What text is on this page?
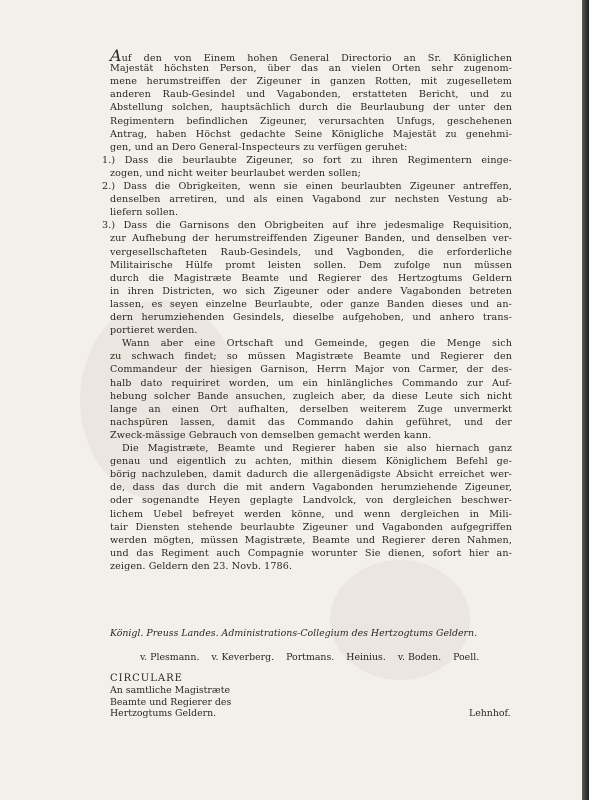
Auf den von Einem hohen General Directorio an Sr. Königlichen
Majestät höchsten Person, über das an vielen Orten sehr zugenom-
mene herumstreiffen der Zigeuner in ganzen Rotten, mit zugeselletem
anderen Raub-Gesindel und Vagabonden, erstatteten Bericht, und zu
Abstellung solchen, hauptsächlich durch die Beurlaubung der unter den
Regimentern befindlichen Zigeuner, verursachten Unfugs, geschehenen
Antrag, haben Höchst gedachte Seine Königliche Majestät zu genehmi-
gen, und an Dero General-Inspecteurs zu verfügen geruhet:
1.) Dass die beurlaubte Zigeuner, so fort zu ihren Regimentern einge-
zogen, und nicht weiter beurlaubet werden sollen;
2.) Dass die Obrigkeiten, wenn sie einen beurlaubten Zigeuner antreffen,
denselben arretiren, und als einen Vagabond zur nechsten Vestung ab-
liefern sollen.
3.) Dass die Garnisons den Obrigbeiten auf ihre jedesmalige Requisition,
zur Aufhebung der herumstreiffenden Zigeuner Banden, und denselben ver-
vergesellschafteten Raub-Gesindels, und Vagbonden, die erforderliche
Militairische Hülfe promt leisten sollen. Dem zufolge nun müssen
durch die Magistræte Beamte und Regierer des Hertzogtums Geldern
in ihren Districten, wo sich Zigeuner oder andere Vagabonden betreten
lassen, es seyen einzelne Beurlaubte, oder ganze Banden dieses und an-
dern herumziehenden Gesindels, dieselbe aufgehoben, und anhero trans-
portieret werden.
Wann aber eine Ortschaft und Gemeinde, gegen die Menge sich
zu schwach findet; so müssen Magistræte Beamte und Regierer den
Commandeur der hiesigen Garnison, Herrn Major von Carmer, der des-
halb dato requiriret worden, um ein hinlängliches Commando zur Auf-
hebung solcher Bande ansuchen, zugleich aber, da diese Leute sich nicht
lange an einen Ort aufhalten, derselben weiterem Zuge unvermerkt
nachspüren lassen, damit das Commando dahin geführet, und der
Zweck-mässige Gebrauch von demselben gemacht werden kann.
Die Magistræte, Beamte und Regierer haben sie also hiernach ganz
genau und eigentlich zu achten, mithin diesem Königlichem Befehl ge-
börig nachzuleben, damit dadurch die allergenädigste Absicht erreichet wer-
de, dass das durch die mit andern Vagabonden herumziehende Zigeuner,
oder sogenandte Heyen geplagte Landvolck, von dergleichen beschwer-
lichem Uebel befreyet werden könne, und wenn dergleichen in Mili-
tair Diensten stehende beurlaubte Zigeuner und Vagabonden aufgegriffen
werden mögten, müssen Magistræte, Beamte und Regierer deren Nahmen,
und das Regiment auch Compagnie worunter Sie dienen, sofort hier an-
zeigen. Geldern den 23. Novb. 1786.
Königl. Preuss Landes. Administrations-Collegium des Hertzogtums Geldern.
v. Plesmann. v. Keverberg. Portmans. Heinius. v. Boden. Poell.
CIRCULARE
An samtliche Magistræte
Beamte und Regierer des
Hertzogtums Geldern.	Lehnhof.
